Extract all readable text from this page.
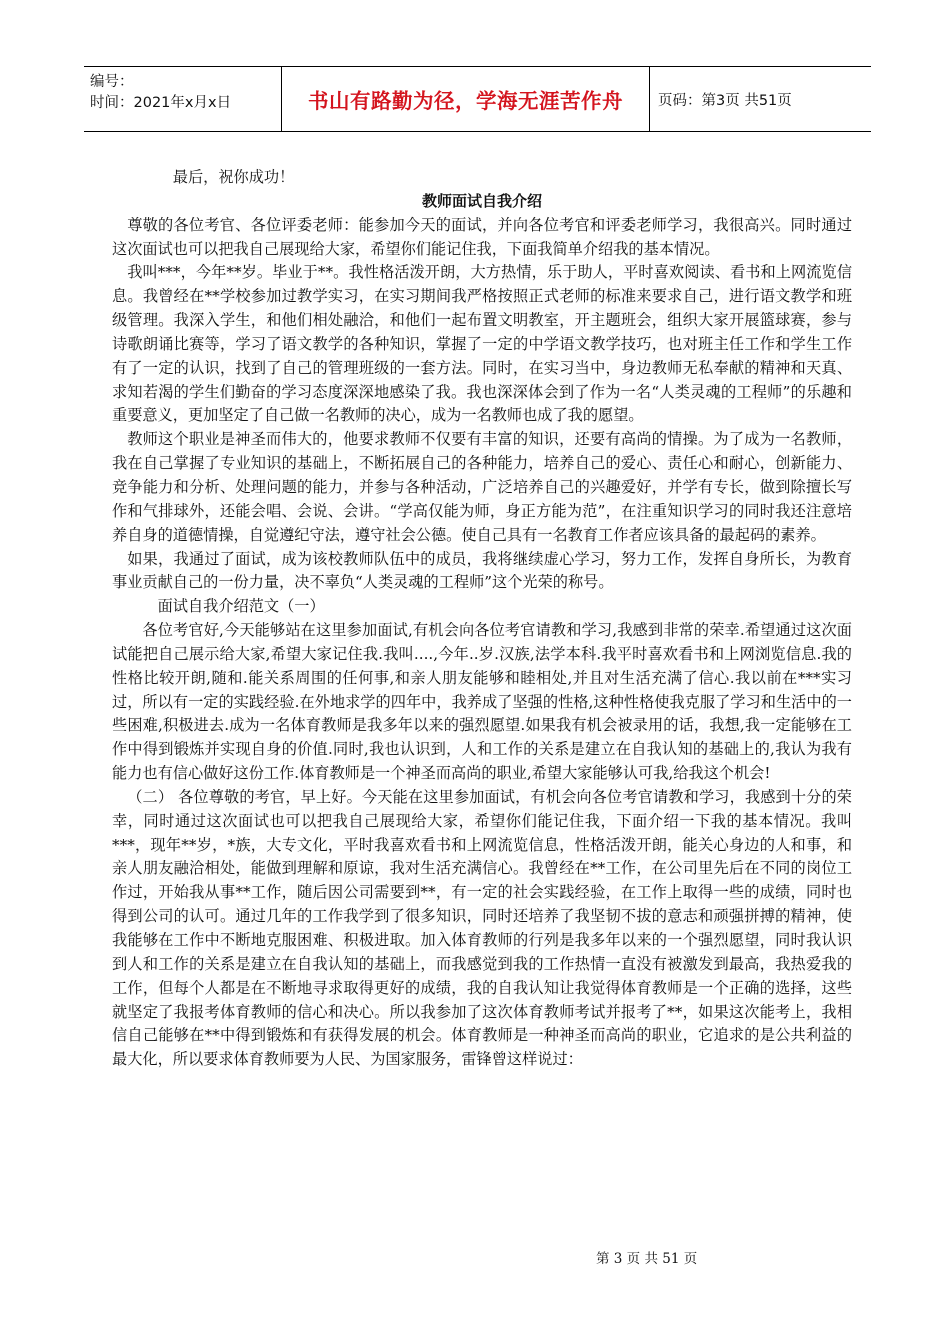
编号：
时间：2021年x月x日	书山有路勤为径，学海无涯苦作舟	页码：第3页 共51页

最后，祝你成功！

教师面试自我介绍

尊敬的各位考官、各位评委老师：能参加今天的面试，并向各位考官和评委老师学习，我很高兴。同时通过这次面试也可以把我自己展现给大家，希望你们能记住我，下面我简单介绍我的基本情况。

我叫***，今年**岁。毕业于**。我性格活泼开朗，大方热情，乐于助人，平时喜欢阅读、看书和上网流览信息。我曾经在**学校参加过教学实习，在实习期间我严格按照正式老师的标准来要求自己，进行语文教学和班级管理。我深入学生，和他们相处融洽，和他们一起布置文明教室，开主题班会，组织大家开展篮球赛，参与诗歌朗诵比赛等，学习了语文教学的各种知识，掌握了一定的中学语文教学技巧，也对班主任工作和学生工作有了一定的认识，找到了自己的管理班级的一套方法。同时，在实习当中，身边教师无私奉献的精神和天真、求知若渴的学生们勤奋的学习态度深深地感染了我。我也深深体会到了作为一名“人类灵魂的工程师”的乐趣和重要意义，更加坚定了自己做一名教师的决心，成为一名教师也成了我的愿望。

教师这个职业是神圣而伟大的，他要求教师不仅要有丰富的知识，还要有高尚的情操。为了成为一名教师，我在自己掌握了专业知识的基础上，不断拓展自己的各种能力，培养自己的爱心、责任心和耐心，创新能力、竞争能力和分析、处理问题的能力，并参与各种活动，广泛培养自己的兴趣爱好，并学有专长，做到除擅长写作和气排球外，还能会唱、会说、会讲。“学高仅能为师，身正方能为范”，在注重知识学习的同时我还注意培养自身的道德情操，自觉遵纪守法，遵守社会公德。使自己具有一名教育工作者应该具备的最起码的素养。

如果，我通过了面试，成为该校教师队伍中的成员，我将继续虚心学习，努力工作，发挥自身所长，为教育事业贡献自己的一份力量，决不辜负“人类灵魂的工程师”这个光荣的称号。

面试自我介绍范文（一）

各位考官好,今天能够站在这里参加面试,有机会向各位考官请教和学习,我感到非常的荣幸.希望通过这次面试能把自己展示给大家,希望大家记住我.我叫....,今年..岁.汉族,法学本科.我平时喜欢看书和上网浏览信息.我的性格比较开朗,随和.能关系周围的任何事,和亲人朋友能够和睦相处,并且对生活充满了信心.我以前在***实习过，所以有一定的实践经验.在外地求学的四年中，我养成了坚强的性格,这种性格使我克服了学习和生活中的一些困难,积极进去.成为一名体育教师是我多年以来的强烈愿望.如果我有机会被录用的话，我想,我一定能够在工作中得到锻炼并实现自身的价值.同时,我也认识到，人和工作的关系是建立在自我认知的基础上的,我认为我有能力也有信心做好这份工作.体育教师是一个神圣而高尚的职业,希望大家能够认可我,给我这个机会!

（二） 各位尊敬的考官，早上好。今天能在这里参加面试，有机会向各位考官请教和学习，我感到十分的荣幸，同时通过这次面试也可以把我自己展现给大家，希望你们能记住我，下面介绍一下我的基本情况。我叫***，现年**岁，*族，大专文化，平时我喜欢看书和上网流览信息，性格活泼开朗，能关心身边的人和事，和亲人朋友融洽相处，能做到理解和原谅，我对生活充满信心。我曾经在**工作，在公司里先后在不同的岗位工作过，开始我从事**工作，随后因公司需要到**，有一定的社会实践经验，在工作上取得一些的成绩，同时也得到公司的认可。通过几年的工作我学到了很多知识，同时还培养了我坚韧不拔的意志和顽强拼搏的精神，使我能够在工作中不断地克服困难、积极进取。加入体育教师的行列是我多年以来的一个强烈愿望，同时我认识到人和工作的关系是建立在自我认知的基础上，而我感觉到我的工作热情一直没有被激发到最高，我热爱我的工作，但每个人都是在不断地寻求取得更好的成绩，我的自我认知让我觉得体育教师是一个正确的选择，这些就坚定了我报考体育教师的信心和决心。所以我参加了这次体育教师考试并报考了**，如果这次能考上，我相信自己能够在**中得到锻炼和有获得发展的机会。体育教师是一种神圣而高尚的职业，它追求的是公共利益的最大化，所以要求体育教师要为人民、为国家服务，雷锋曾这样说过：

第 3 页 共 51 页
